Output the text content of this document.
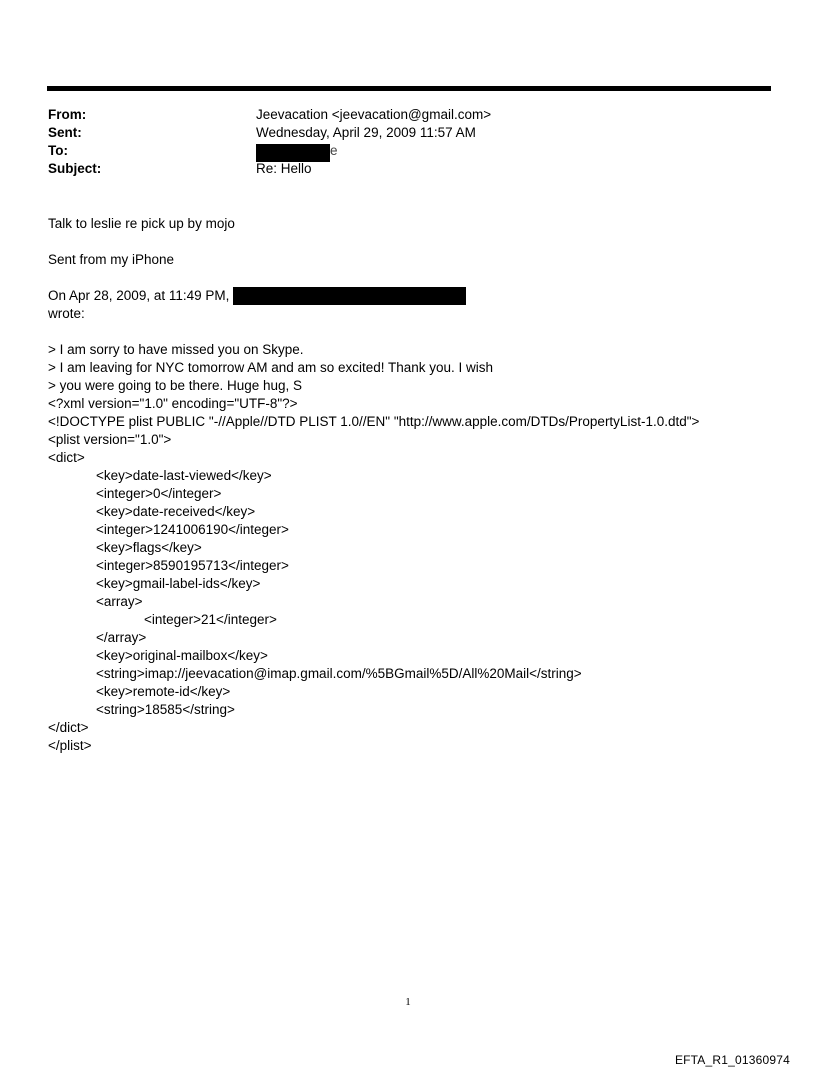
From:	Jeevacation <jeevacation@gmail.com>
Sent:	Wednesday, April 29, 2009 11:57 AM
To:	e
Subject:	Re: Hello

Talk to leslie re pick up by mojo

Sent from my iPhone

On Apr 28, 2009, at 11:49 PM,
wrote:
> I am sorry to have missed you on Skype.
> I am leaving for NYC tomorrow AM and am so excited! Thank you. I wish
> you were going to be there. Huge hug, S
<?xml version="1.0" encoding="UTF-8"?>
<!DOCTYPE plist PUBLIC "-//Apple//DTD PLIST 1.0//EN" "http://www.apple.com/DTDs/PropertyList-1.0.dtd">
<plist version="1.0">
<dict>
<key>date-last-viewed</key>
<integer>0</integer>
<key>date-received</key>
<integer>1241006190</integer>
<key>flags</key>
<integer>8590195713</integer>
<key>gmail-label-ids</key>
<array>
<integer>21</integer>
</array>
<key>original-mailbox</key>
<string>imap://jeevacation@imap.gmail.com/%5BGmail%5D/All%20Mail</string>
<key>remote-id</key>
<string>18585</string>
</dict>
</plist>
1
EFTA_R1_01360974
